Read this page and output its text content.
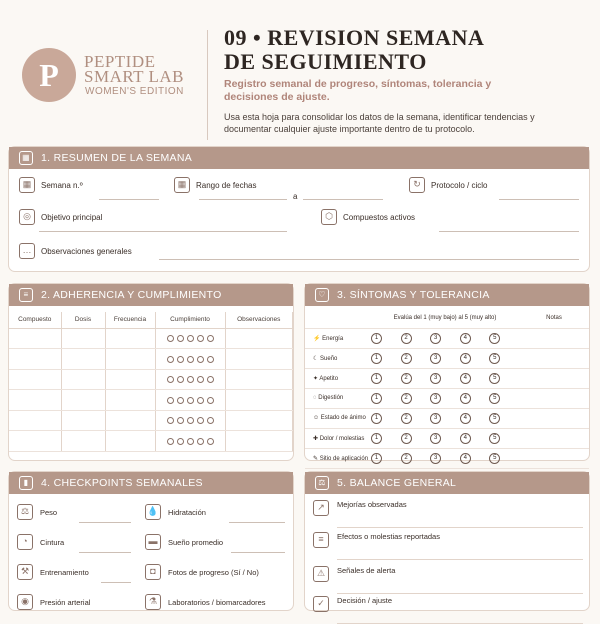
P PEPTIDE
SMART LAB
WOMEN'S EDITION
09 • REVISION SEMANA
DE SEGUIMIENTO
Registro semanal de progreso, síntomas, tolerancia y decisiones de ajuste.
Usa esta hoja para consolidar los datos de la semana, identificar tendencias y documentar cualquier ajuste importante dentro de tu protocolo.
▦ 1. RESUMEN DE LA SEMANA
▦	Semana n.º	▦	Rango de fechas
a
↻	Protocolo / ciclo
◎	Objetivo principal	⬡	Compuestos activos
…	Observaciones generales
≡	2. ADHERENCIA Y CUMPLIMIENTO
Compuesto	Dosis	Frecuencia	Cumplimiento	Observaciones

♡	3. SÍNTOMAS Y TOLERANCIA
	Evalúa del 1 (muy bajo) al 5 (muy alto)					Notas
⚡ Energía	1	2	3	4	5	
☾ Sueño	1	2	3	4	5	
✦ Apetito	1	2	3	4	5	
◌ Digestión	1	2	3	4	5	
☺ Estado de ánimo	1	2	3	4	5	
✚ Dolor / molestias	1	2	3	4	5	
✎ Sitio de aplicación	1	2	3	4	5	
▮	4. CHECKPOINTS SEMANALES
⚖	Peso
◔	Cintura
⚒	Entrenamiento
◉	Presión arterial
💧	Hidratación
▬	Sueño promedio
◘	Fotos de progreso (Sí / No)
⚗	Laboratorios / biomarcadores
⚖	5. BALANCE GENERAL
↗	Mejorías observadas
≡	Efectos o molestias reportadas
⚠	Señales de alerta
✓	Decisión / ajuste
